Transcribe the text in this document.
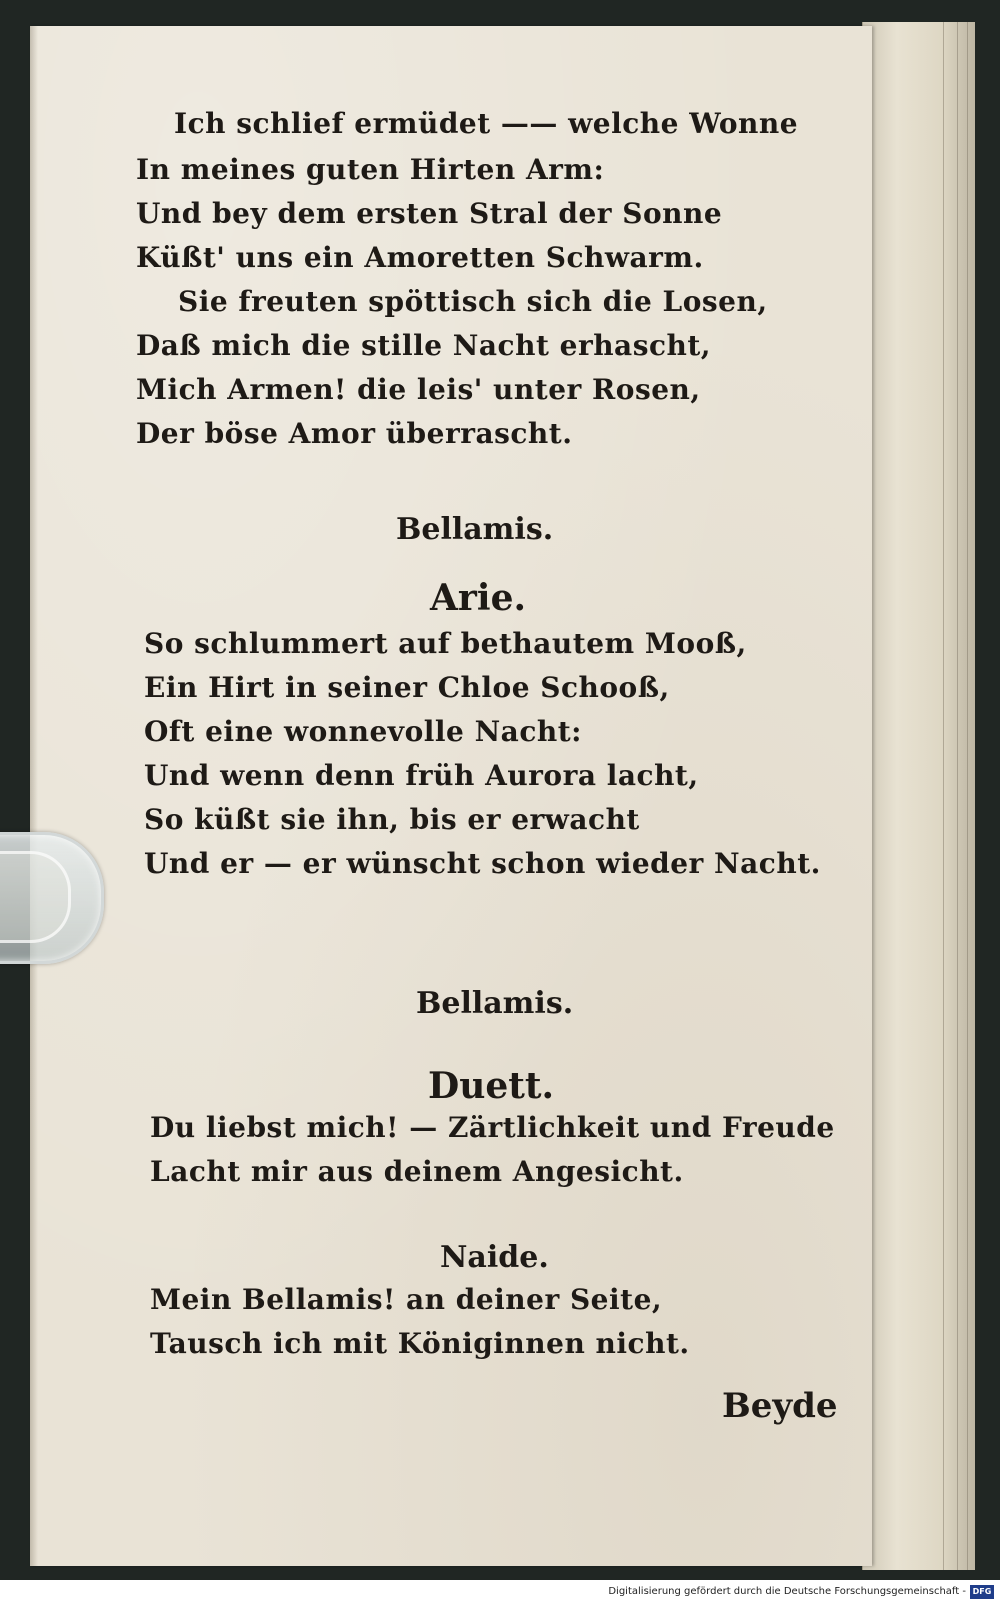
Ich schlief ermüdet —— welche Wonne
In meines guten Hirten Arm:
Und bey dem ersten Stral der Sonne
Küßt' uns ein Amoretten Schwarm.
Sie freuten spöttisch sich die Losen,
Daß mich die stille Nacht erhascht,
Mich Armen! die leis' unter Rosen,
Der böse Amor überrascht.
Bellamis.
Arie.
So schlummert auf bethautem Mooß,
Ein Hirt in seiner Chloe Schooß,
Oft eine wonnevolle Nacht:
Und wenn denn früh Aurora lacht,
So küßt sie ihn, bis er erwacht
Und er — er wünscht schon wieder Nacht.
Bellamis.
Duett.
Du liebst mich! — Zärtlichkeit und Freude
Lacht mir aus deinem Angesicht.
Naide.
Mein Bellamis! an deiner Seite,
Tausch ich mit Königinnen nicht.
Beyde
Digitalisierung gefördert durch die Deutsche Forschungsgemeinschaft - DFG
